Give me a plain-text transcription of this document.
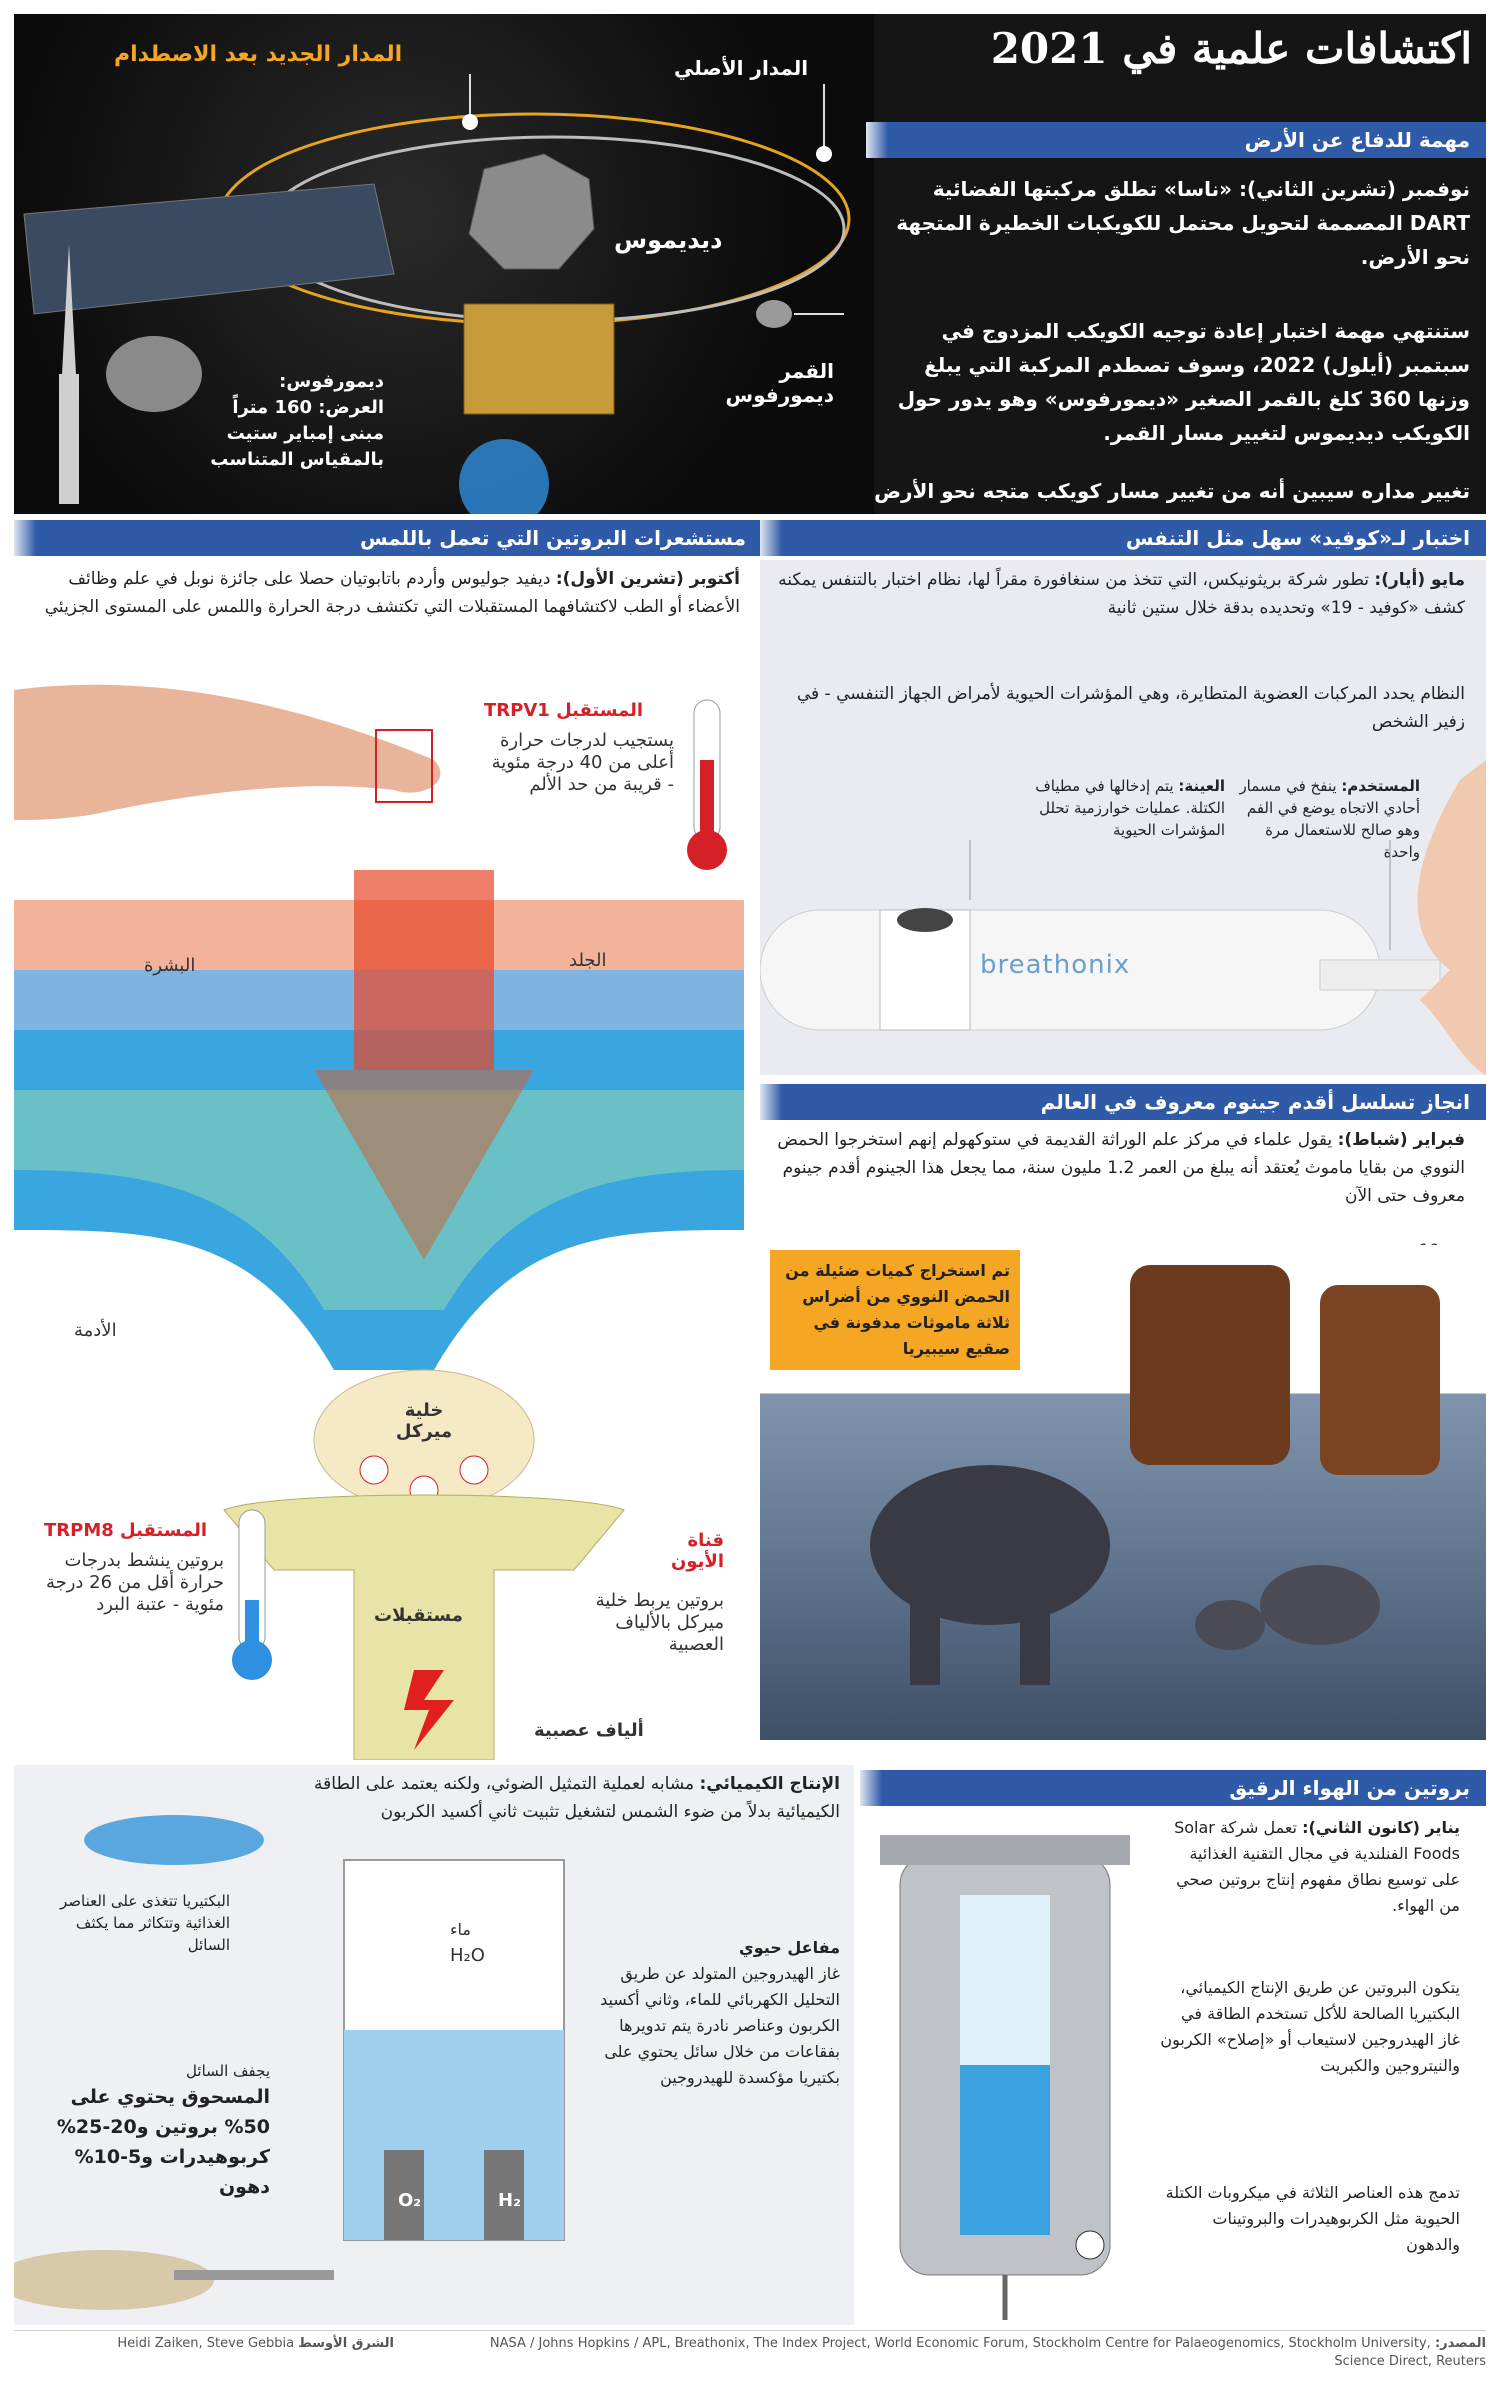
المدار الجديد بعد الاصطدام
المدار الأصلي
ديديموس
القمر
ديمورفوس
ديمورفوس:
العرض: 160 متراً
مبنى إمباير ستيت
بالمقياس المتناسب
اكتشافات علمية في 2021
مهمة للدفاع عن الأرض
نوفمبر (تشرين الثاني): «ناسا» تطلق مركبتها الفضائية DART المصممة لتحويل محتمل للكويكبات الخطيرة المتجهة نحو الأرض.
ستنتهي مهمة اختبار إعادة توجيه الكويكب المزدوج في سبتمبر (أيلول) 2022، وسوف تصطدم المركبة التي يبلغ وزنها 360 كلغ بالقمر الصغير «ديمورفوس» وهو يدور حول الكويكب ديديموس لتغيير مسار القمر.
تغيير مداره سيبين أنه من تغيير مسار كويكب متجه نحو الأرض
مستشعرات البروتين التي تعمل باللمس
أكتوبر (تشرين الأول): ديفيد جوليوس وأردم باتابوتيان حصلا على جائزة نوبل في علم وظائف الأعضاء أو الطب لاكتشافهما المستقبلات التي تكتشف درجة الحرارة واللمس على المستوى الجزيئي
المستقبل TRPV1
يستجيب لدرجات حرارة أعلى من 40 درجة مئوية - قريبة من حد الألم
الجلد
البشرة
الأدمة
خلية ميركل
قناة الأيون
بروتين يربط خلية ميركل بالألياف العصبية
مستقبلات
ألياف عصبية
المستقبل TRPM8
بروتين ينشط بدرجات حرارة أقل من 26 درجة مئوية - عتبة البرد
اختبار لـ«كوفيد» سهل مثل التنفس
مايو (أيار): تطور شركة بريثونيكس، التي تتخذ من سنغافورة مقراً لها، نظام اختبار بالتنفس يمكنه كشف «كوفيد - 19» وتحديده بدقة خلال ستين ثانية
النظام يحدد المركبات العضوية المتطايرة، وهي المؤشرات الحيوية لأمراض الجهاز التنفسي - في زفير الشخص
العينة: يتم إدخالها في مطياف الكتلة. عمليات خوارزمية تحلل المؤشرات الحيوية
المستخدم: ينفخ في مسمار أحادي الاتجاه يوضع في الفم وهو صالح للاستعمال مرة واحدة
breathonix
انجاز تسلسل أقدم جينوم معروف في العالم
فبراير (شباط): يقول علماء في مركز علم الوراثة القديمة في ستوكهولم إنهم استخرجوا الحمض النووي من بقايا ماموث يُعتقد أنه يبلغ من العمر 1.2 مليون سنة، مما يجعل هذا الجينوم أقدم جينوم معروف حتى الآن
تم استخراج كميات ضئيلة من الحمض النووي من أضراس ثلاثة ماموثات مدفونة في صقيع سيبيريا
بروتين من الهواء الرقيق
الإنتاج الكيميائي: مشابه لعملية التمثيل الضوئي، ولكنه يعتمد على الطاقة الكيميائية بدلاً من ضوء الشمس لتشغيل تثبيت ثاني أكسيد الكربون
ماء
H₂O
O₂	H₂
البكتيريا تتغذى على العناصر الغذائية وتتكاثر مما يكثف السائل	مفاعل حيوي
غاز الهيدروجين المتولد عن طريق التحليل الكهربائي للماء، وثاني أكسيد الكربون وعناصر نادرة يتم تدويرها بفقاعات من خلال سائل يحتوي على بكتيريا مؤكسدة للهيدروجين
يجفف السائل
المسحوق يحتوي على 50% بروتين و20-25% كربوهيدرات و5-10% دهون
يناير (كانون الثاني): تعمل شركة Solar Foods الفنلندية في مجال التقنية الغذائية على توسيع نطاق مفهوم إنتاج بروتين صحي من الهواء.
يتكون البروتين عن طريق الإنتاج الكيميائي، البكتيريا الصالحة للأكل تستخدم الطاقة في غاز الهيدروجين لاستيعاب أو «إصلاح» الكربون والنيتروجين والكبريت
تدمج هذه العناصر الثلاثة في ميكروبات الكتلة الحيوية مثل الكربوهيدرات والبروتينات والدهون
المصدر: NASA / Johns Hopkins / APL, Breathonix, The Index Project, World Economic Forum, Stockholm Centre for Palaeogenomics, Stockholm University, Science Direct, Reuters
الشرق الأوسط Heidi Zaiken, Steve Gebbia
